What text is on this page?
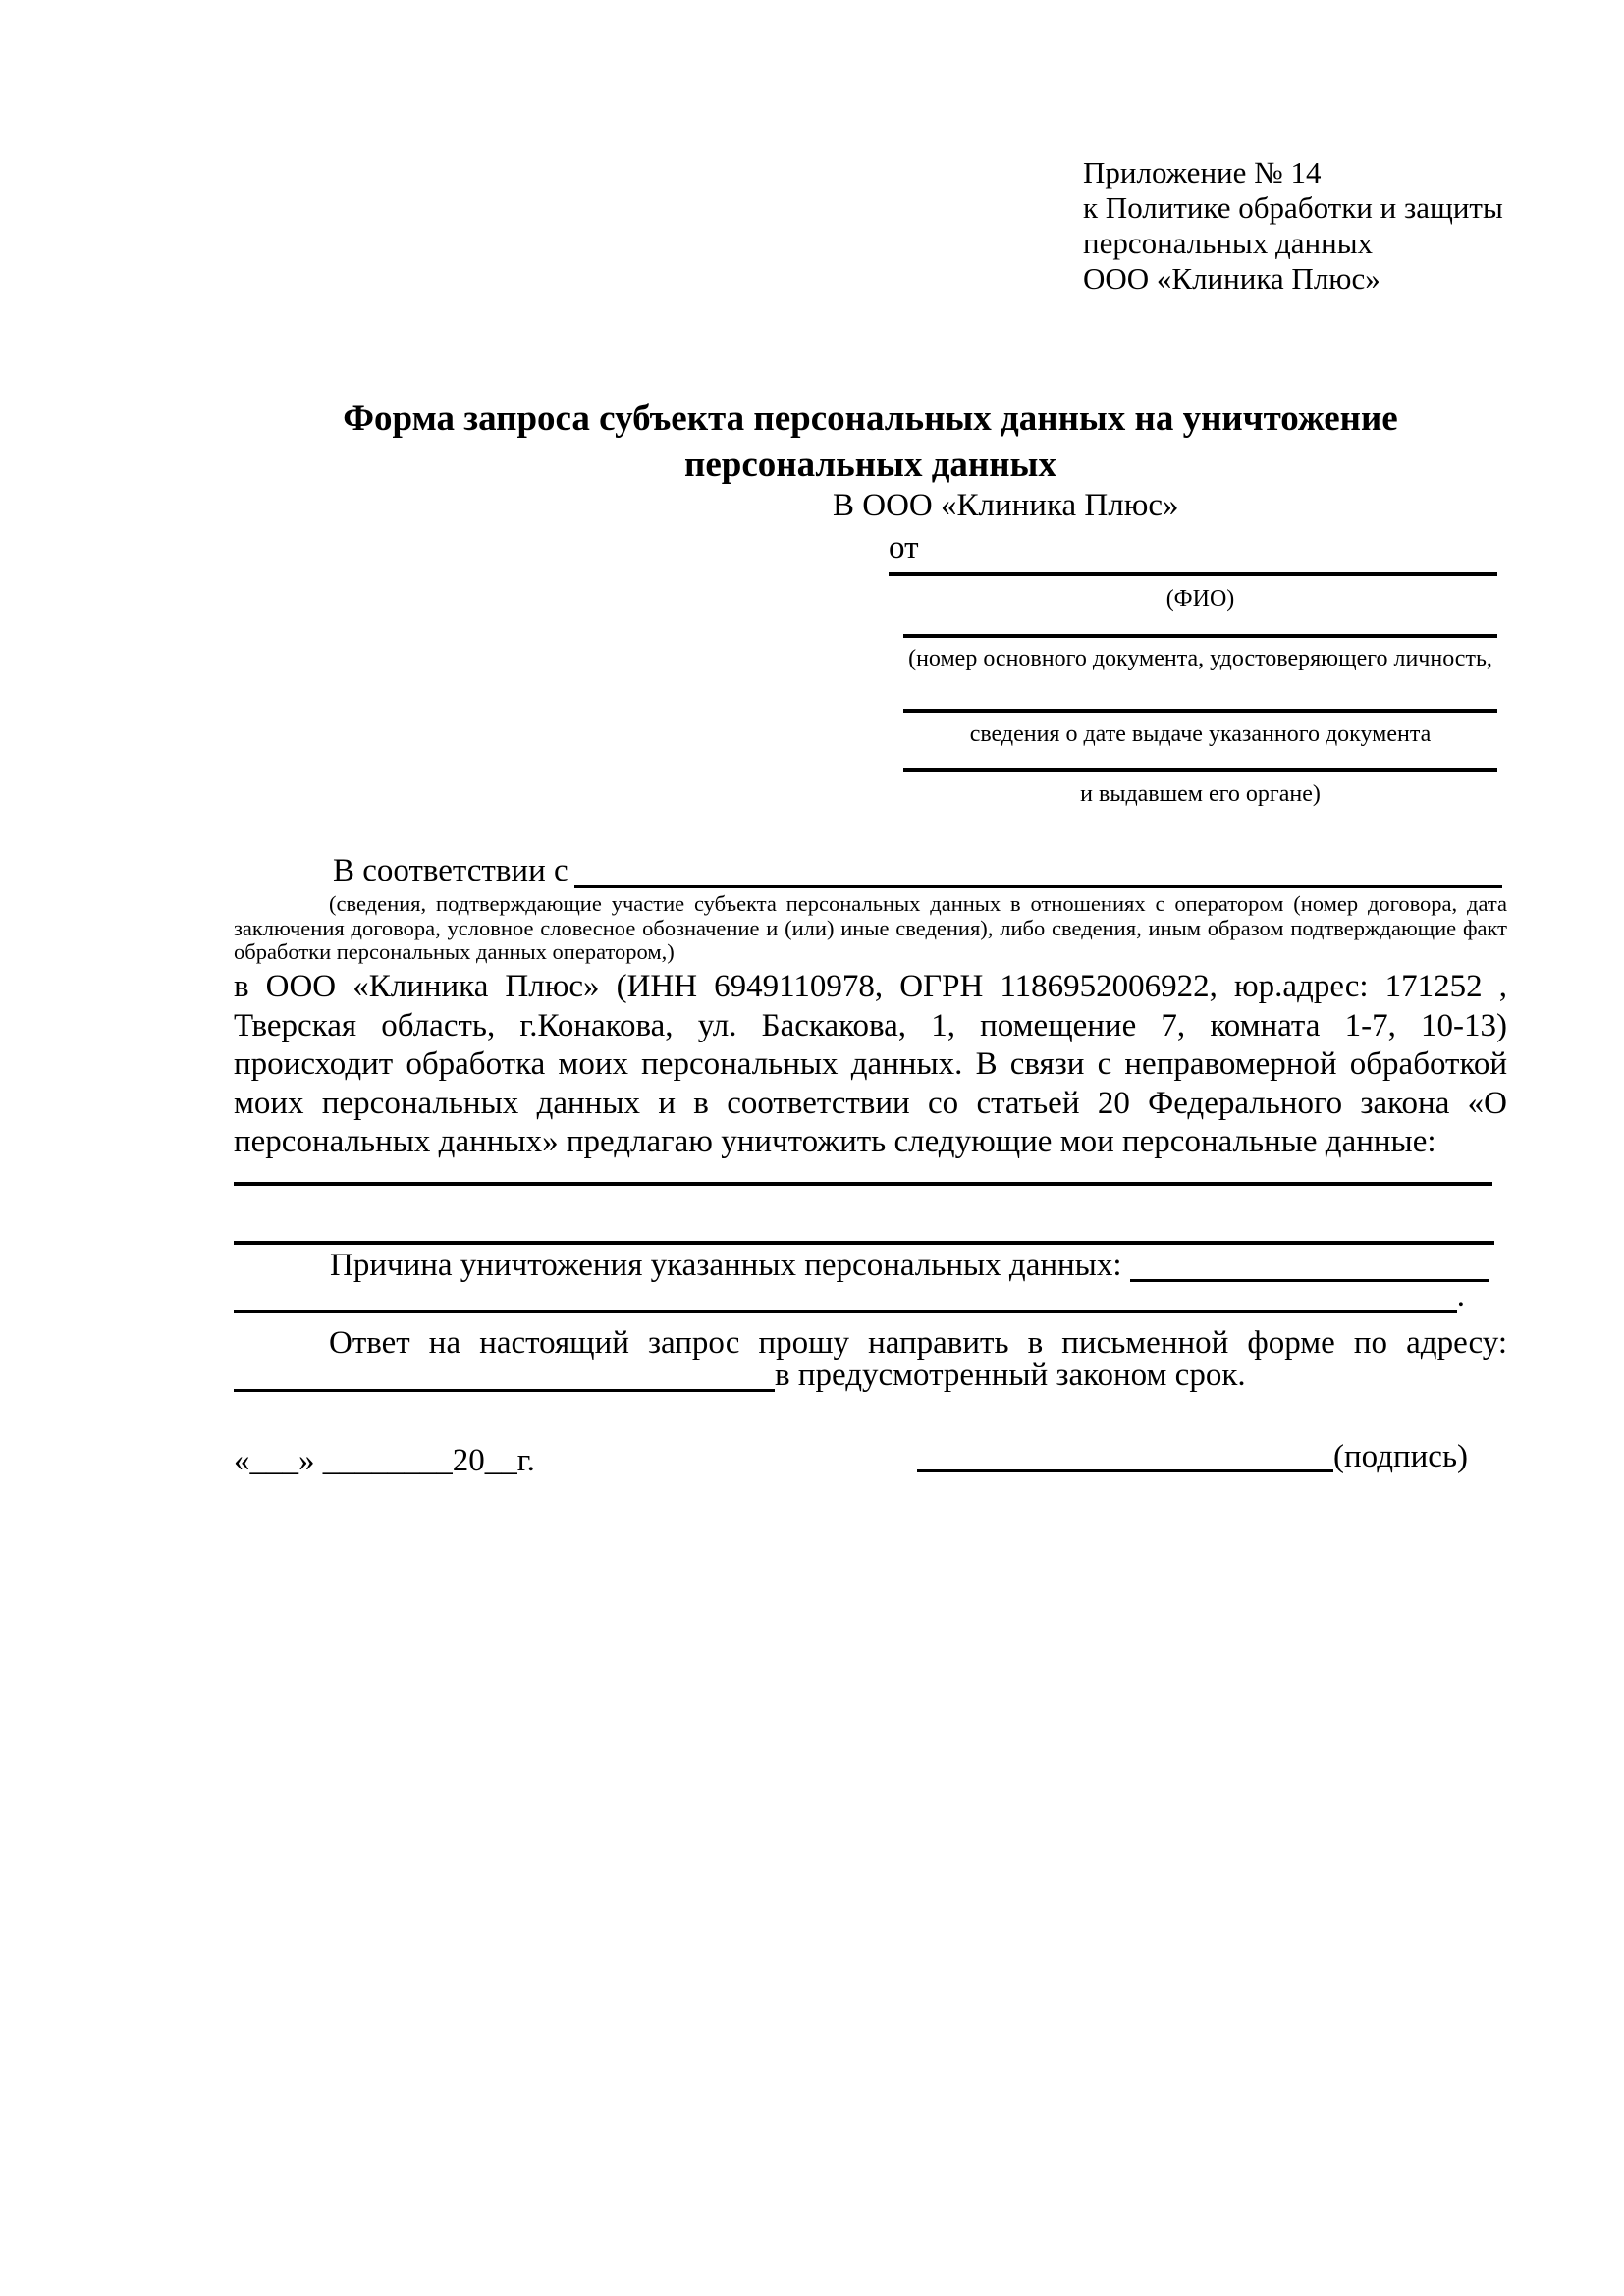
Приложение № 14
к Политике обработки и защиты
персональных данных
ООО «Клиника Плюс»
Форма запроса субъекта персональных данных на уничтожение
персональных данных
В ООО «Клиника Плюс»
от
(ФИО)
(номер основного документа, удостоверяющего личность,
сведения о дате выдаче указанного документа
и выдавшем его органе)
В соответствии с
(сведения, подтверждающие участие субъекта персональных данных в отношениях с оператором (номер договора, дата заключения договора, условное словесное обозначение и (или) иные сведения), либо сведения, иным образом подтверждающие факт обработки персональных данных оператором,)
в ООО «Клиника Плюс» (ИНН 6949110978, ОГРН 1186952006922, юр.адрес: 171252 , Тверская область, г.Конакова, ул. Баскакова, 1, помещение 7, комната 1-7, 10-13) происходит обработка моих персональных данных. В связи с неправомерной обработкой моих персональных данных и в соответствии со статьей 20 Федерального закона «О персональных данных» предлагаю уничтожить следующие мои персональные данные:
Причина уничтожения указанных персональных данных:
.
Ответ на настоящий запрос прошу направить в письменной форме по адресу:
в предусмотренный законом срок.
«___» ________20__г.	(подпись)
